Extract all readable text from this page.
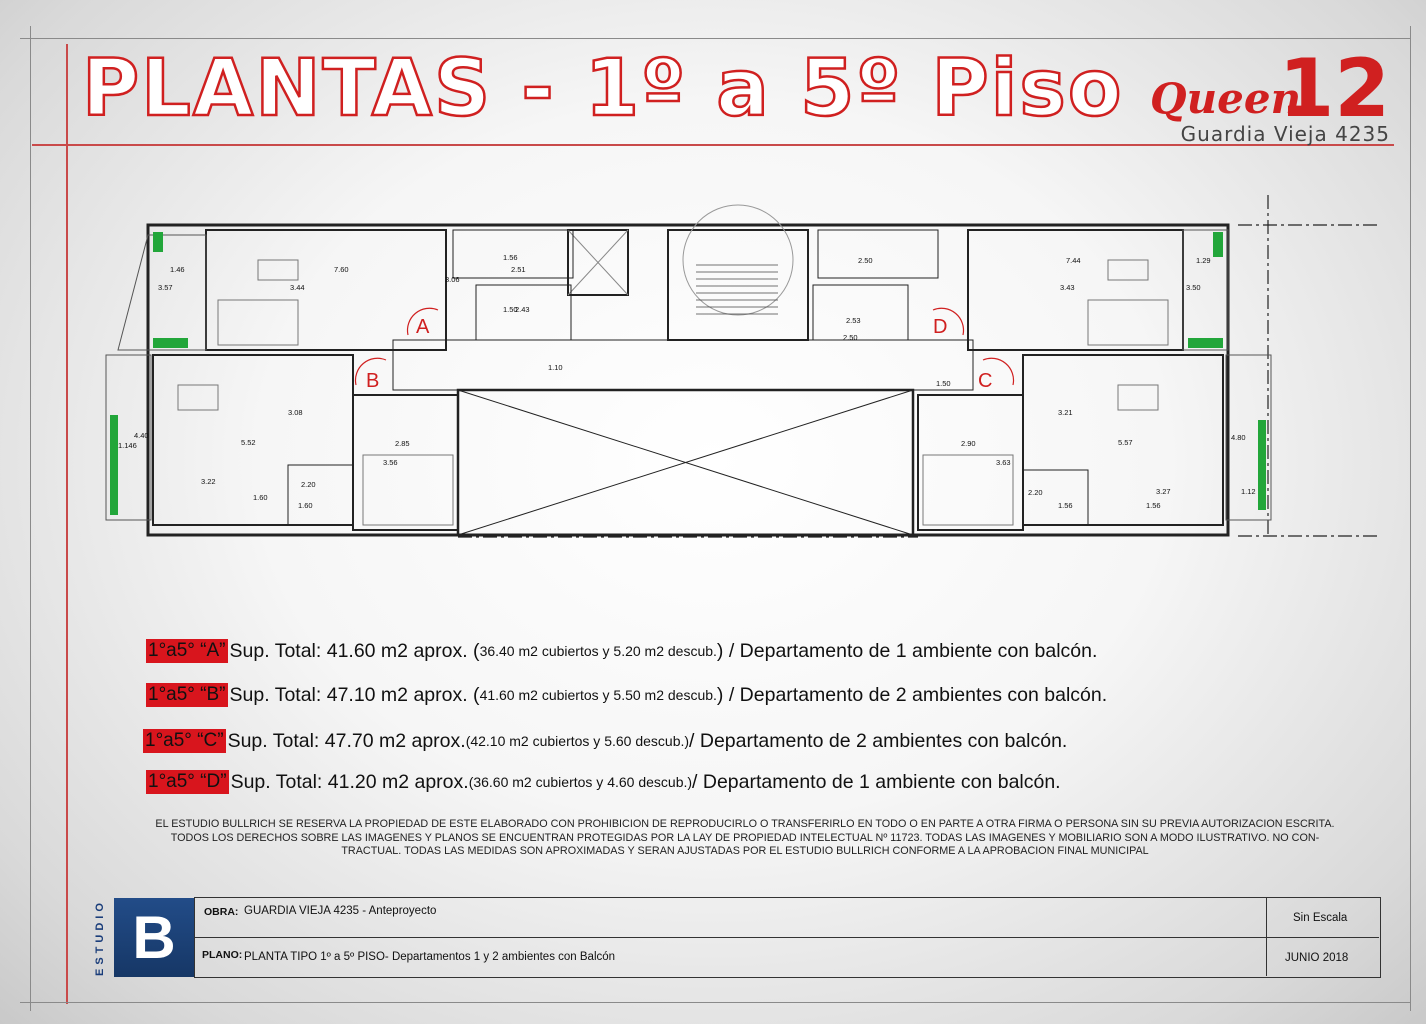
PLANTAS - 1º a 5º Piso Queen.
12
Guardia Vieja 4235
A
B	C
D
7.60
3.44
1.46
3.57
3.06
2.51
1.56
2.43
1.50
5.52
3.08
2.85
3.56
3.22	2.20
1.60
1.60
4.40
1.146
1.10
2.50	7.44
3.43
1.29
3.50
2.53
2.50
1.50
2.90
3.63
3.21
5.57
4.80
2.20
1.56
3.27
1.56
1.12
1°a5° “A” Sup. Total: 41.60 m2 aprox. ( 36.40 m2 cubiertos y 5.20 m2 descub. ) / Departamento de 1 ambiente con balcón.
1°a5° “B” Sup. Total: 47.10 m2 aprox. ( 41.60 m2 cubiertos y 5.50 m2 descub. ) / Departamento de 2 ambientes con balcón.
1°a5° “C” Sup. Total: 47.70 m2 aprox. (42.10 m2 cubiertos y 5.60 descub.) / Departamento de 2 ambientes con balcón.
1°a5° “D” Sup. Total: 41.20 m2 aprox. (36.60 m2 cubiertos y 4.60 descub.) / Departamento de 1 ambiente con balcón.
EL ESTUDIO BULLRICH SE RESERVA LA PROPIEDAD DE ESTE ELABORADO CON PROHIBICION DE REPRODUCIRLO O TRANSFERIRLO EN TODO O EN PARTE A OTRA FIRMA O PERSONA SIN SU PREVIA AUTORIZACION ESCRITA.
TODOS LOS DERECHOS SOBRE LAS IMAGENES Y PLANOS SE ENCUENTRAN PROTEGIDAS POR LA LAY DE PROPIEDAD INTELECTUAL Nº 11723. TODAS LAS IMAGENES Y MOBILIARIO SON A MODO ILUSTRATIVO. NO CON-
TRACTUAL. TODAS LAS MEDIDAS SON APROXIMADAS Y SERAN AJUSTADAS POR EL ESTUDIO BULLRICH CONFORME A LA APROBACION FINAL MUNICIPAL
ESTUDIO B	OBRA: GUARDIA VIEJA 4235 - Anteproyecto
PLANO: PLANTA TIPO 1º a 5º PISO- Departamentos 1 y 2 ambientes con Balcón
Sin Escala
JUNIO 2018
